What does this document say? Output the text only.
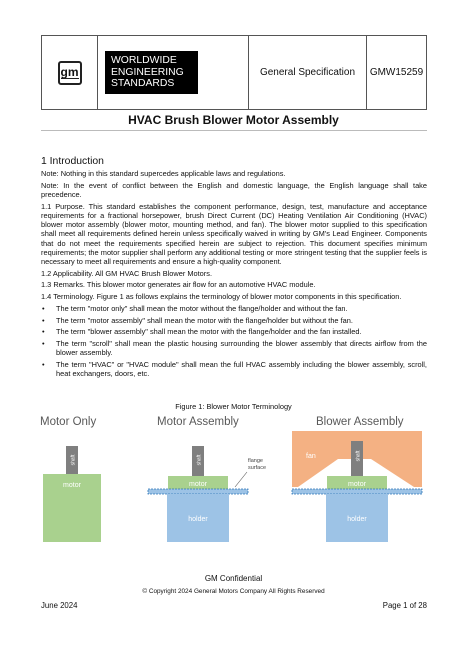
gm
WORLDWIDE ENGINEERING STANDARDS
General Specification	GMW15259
HVAC Brush Blower Motor Assembly
1 Introduction

Note: Nothing in this standard supercedes applicable laws and regulations.

Note: In the event of conflict between the English and domestic language, the English language shall take precedence.

1.1 Purpose. This standard establishes the component performance, design, test, manufacture and acceptance requirements for a fractional horsepower, brush Direct Current (DC) Heating Ventilation Air Conditioning (HVAC) blower motor assembly (blower motor, mounting method, and fan). The blower motor supplied to this specification shall meet all requirements defined herein unless specifically waived in writing by GM's Lead Engineer. Components that do not meet the requirements specified herein are subject to rejection. This document specifies minimum requirements; the motor supplier shall perform any additional testing or more stringent testing that the supplier feels is necessary to meet all requirements and ensure a high-quality component.

1.2 Applicability. All GM HVAC Brush Blower Motors.

1.3 Remarks. This blower motor generates air flow for an automotive HVAC module.

1.4 Terminology. Figure 1 as follows explains the terminology of blower motor components in this specification.

• The term "motor only" shall mean the motor without the flange/holder and without the fan.
• The term "motor assembly" shall mean the motor with the flange/holder but without the fan.
• The term "blower assembly" shall mean the motor with the flange/holder and the fan installed.
• The term "scroll" shall mean the plastic housing surrounding the blower assembly that directs airflow from the blower assembly.
• The term "HVAC" or "HVAC module" shall mean the full HVAC assembly including the blower assembly, scroll, heat exchangers, doors, etc.
Figure 1: Blower Motor Terminology
Motor Only
shaft
motor
Motor Assembly
shaft
motor
holder
flange
surface
Blower Assembly
fan	shaft
motor
holder
GM Confidential
© Copyright 2024 General Motors Company All Rights Reserved
June 2024	Page 1 of 28
